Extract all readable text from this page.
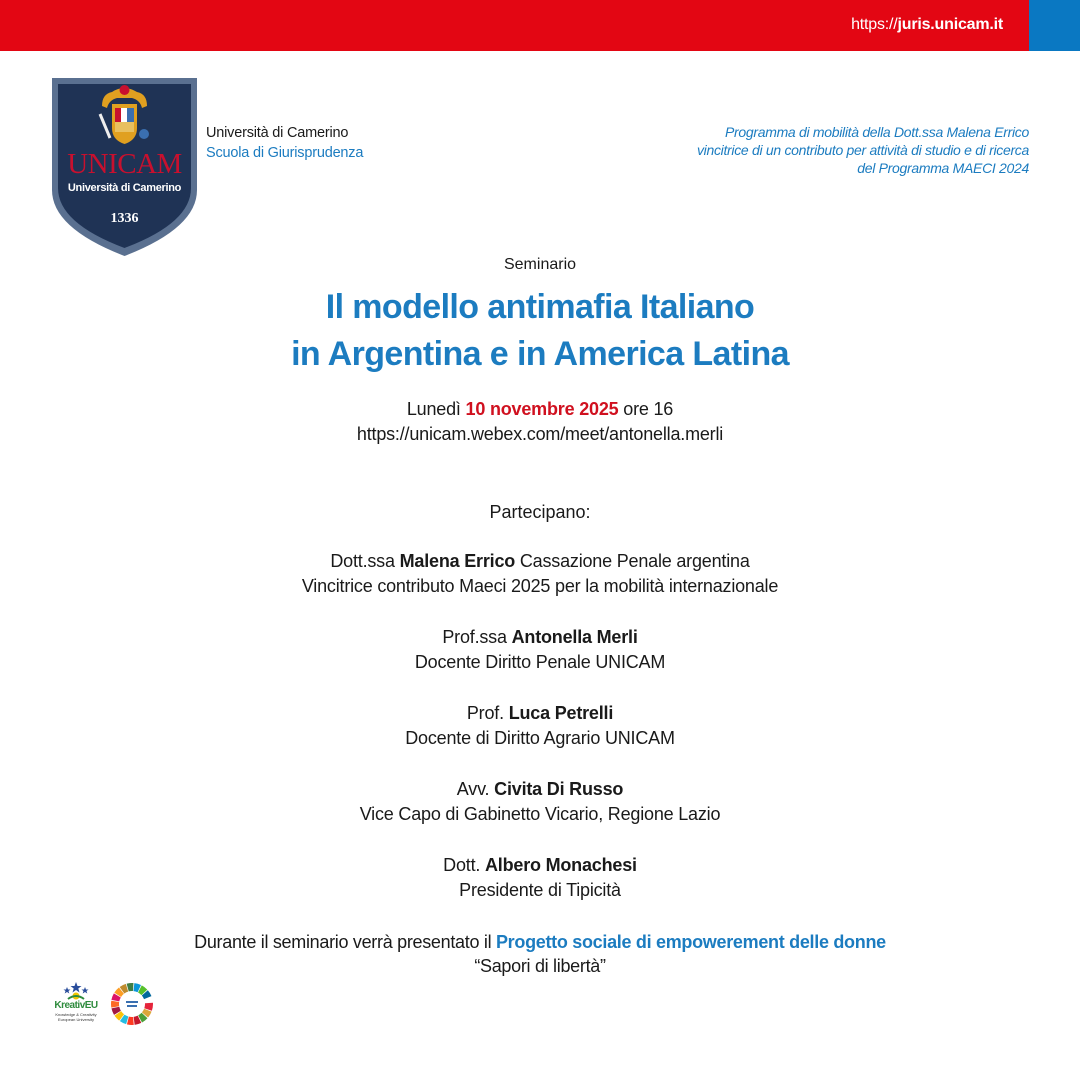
https://juris.unicam.it
UNICAM
Università di Camerino
1336
Università di Camerino
Scuola di Giurisprudenza
Programma di mobilità della Dott.ssa Malena Errico
vincitrice di un contributo per attività di studio e di ricerca
del Programma MAECI 2024
Seminario
Il modello antimafia Italiano
in Argentina e in America Latina
Lunedì 10 novembre 2025 ore 16
https://unicam.webex.com/meet/antonella.merli
Partecipano:
Dott.ssa Malena Errico Cassazione Penale argentina
Vincitrice contributo Maeci 2025 per la mobilità internazionale
Prof.ssa Antonella Merli
Docente Diritto Penale UNICAM
Prof. Luca Petrelli
Docente di Diritto Agrario UNICAM
Avv. Civita Di Russo
Vice Capo di Gabinetto Vicario, Regione Lazio
Dott. Albero Monachesi
Presidente di Tipicità
Durante il seminario verrà presentato il Progetto sociale di empowerement delle donne
“Sapori di libertà”
KreativEU
Knowledge & Creativity
European University
